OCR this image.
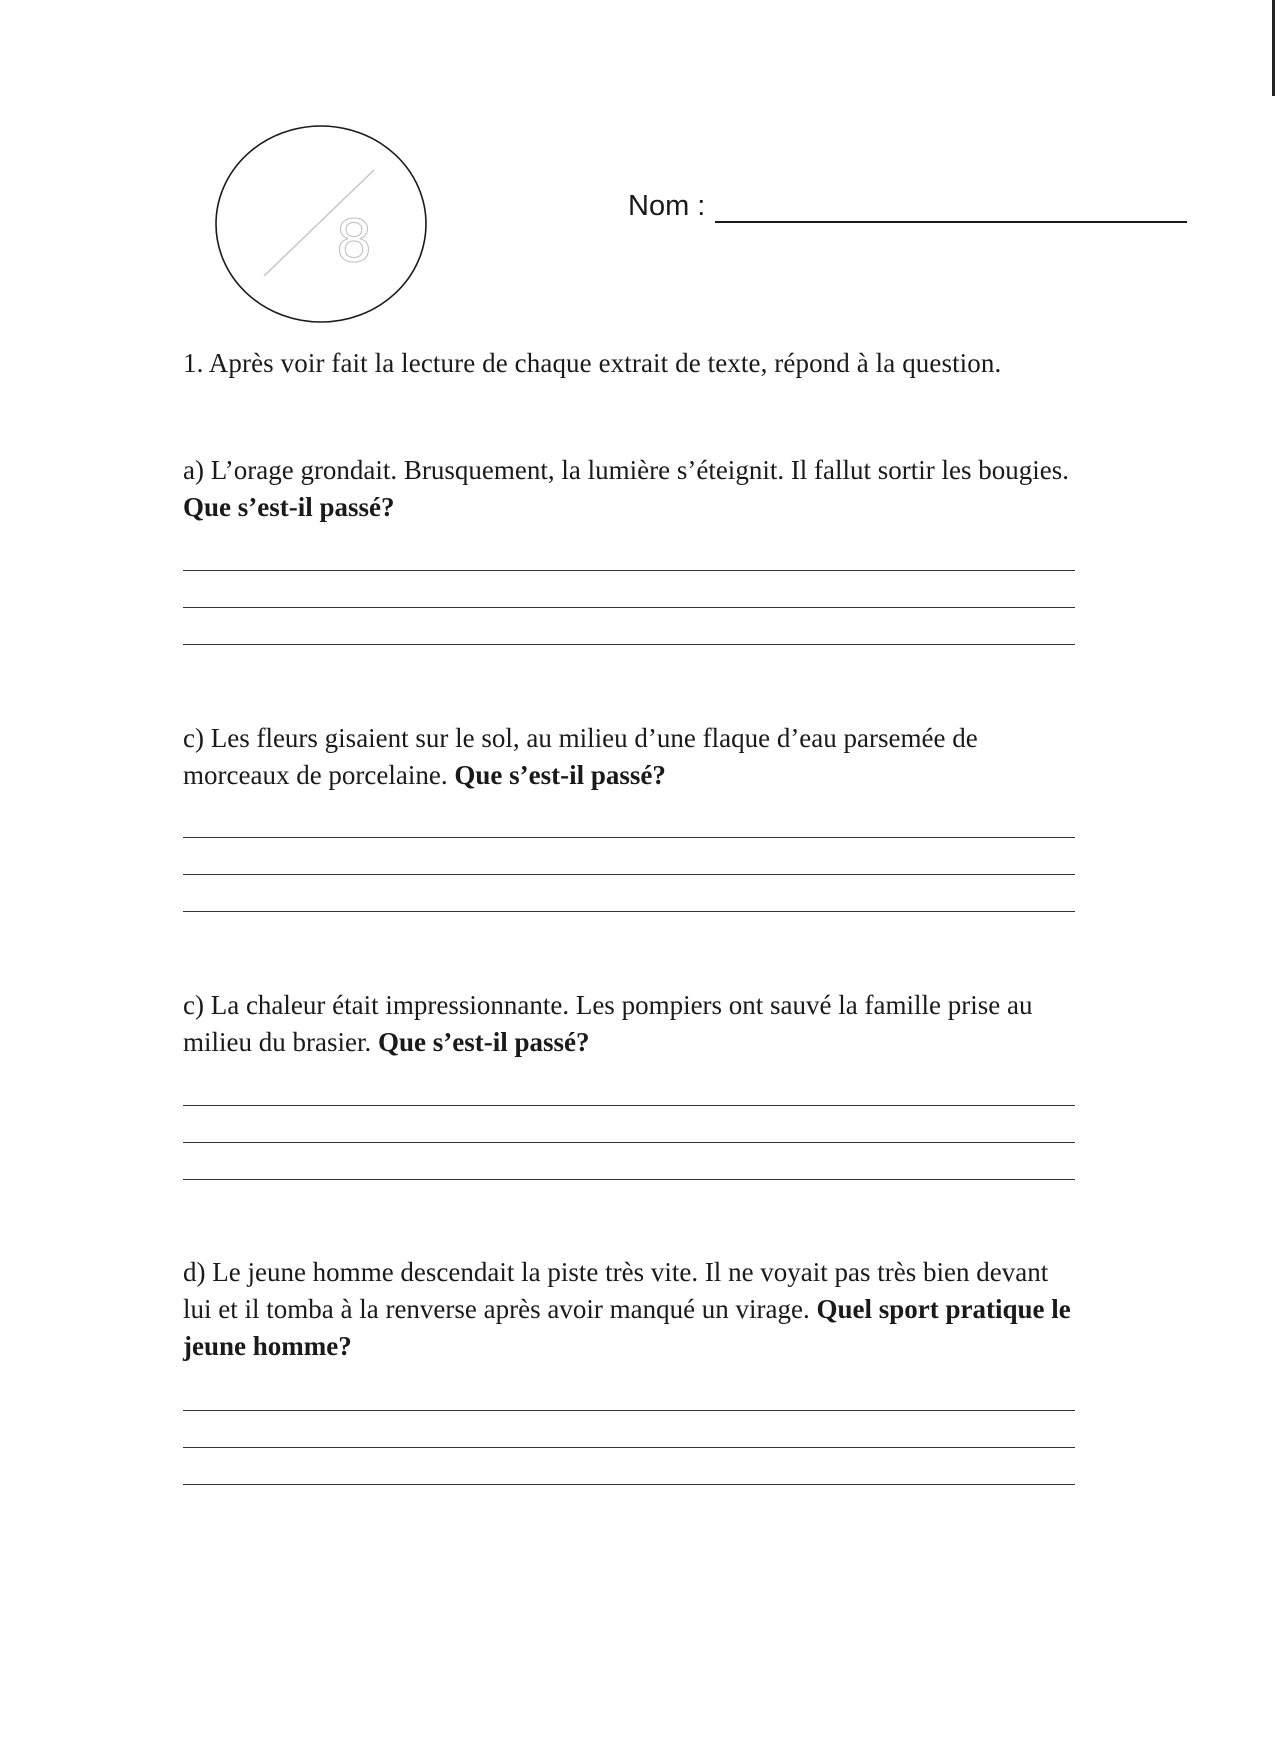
8
Nom :
1. Après voir fait la lecture de chaque extrait de texte, répond à la question.
a) L’orage grondait. Brusquement, la lumière s’éteignit. Il fallut sortir les bougies. Que s’est-il passé?
c) Les fleurs gisaient sur le sol, au milieu d’une flaque d’eau parsemée de morceaux de porcelaine. Que s’est-il passé?
c) La chaleur était impressionnante. Les pompiers ont sauvé la famille prise au milieu du brasier. Que s’est-il passé?
d) Le jeune homme descendait la piste très vite. Il ne voyait pas très bien devant lui et il tomba à la renverse après avoir manqué un virage. Quel sport pratique le jeune homme?
